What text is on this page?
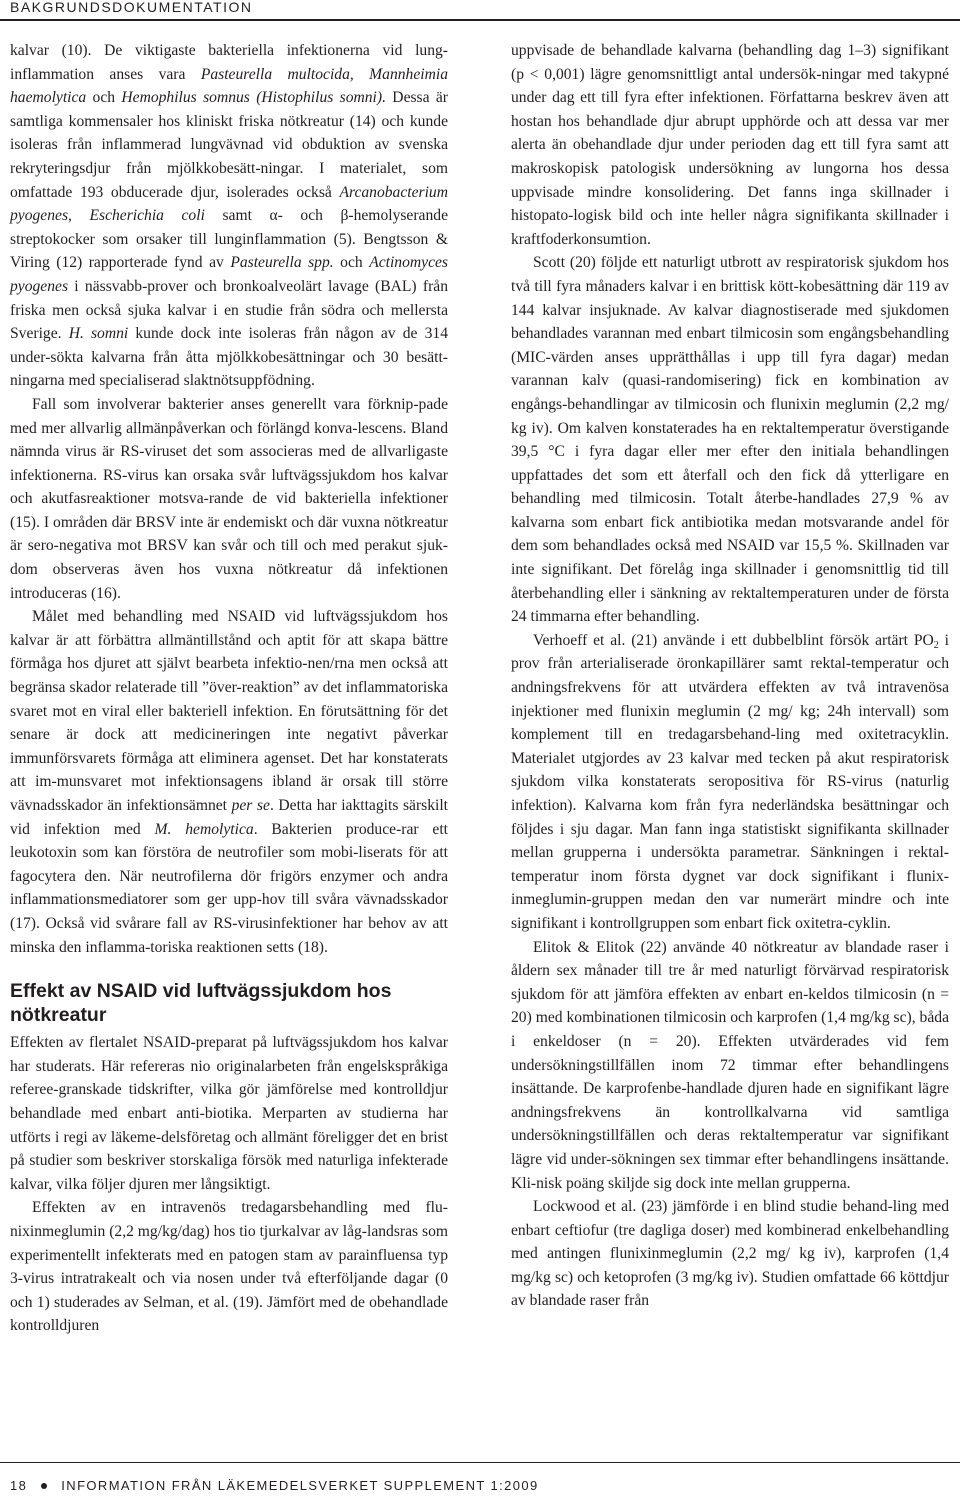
BAKGRUNDSDOKUMENTATION

kalvar (10). De viktigaste bakteriella infektionerna vid lung-inflammation anses vara Pasteurella multocida, Mannheimia haemolytica och Hemophilus somnus (Histophilus somni). Dessa är samtliga kommensaler hos kliniskt friska nötkreatur (14) och kunde isoleras från inflammerad lungvävnad vid obduktion av svenska rekryteringsdjur från mjölkkobesätt-ningar. I materialet, som omfattade 193 obducerade djur, isolerades också Arcanobacterium pyogenes, Escherichia coli samt α- och β-hemolyserande streptokocker som orsaker till lunginflammation (5). Bengtsson & Viring (12) rapporterade fynd av Pasteurella spp. och Actinomyces pyogenes i nässvabb-prover och bronkoalveolärt lavage (BAL) från friska men också sjuka kalvar i en studie från södra och mellersta Sverige. H. somni kunde dock inte isoleras från någon av de 314 under-sökta kalvarna från åtta mjölkkobesättningar och 30 besätt-ningarna med specialiserad slaktnötsuppfödning.

Fall som involverar bakterier anses generellt vara förknip-pade med mer allvarlig allmänpåverkan och förlängd konva-lescens. Bland nämnda virus är RS-viruset det som associeras med de allvarligaste infektionerna. RS-virus kan orsaka svår luftvägssjukdom hos kalvar och akutfasreaktioner motsva-rande de vid bakteriella infektioner (15). I områden där BRSV inte är endemiskt och där vuxna nötkreatur är sero-negativa mot BRSV kan svår och till och med perakut sjuk-dom observeras även hos vuxna nötkreatur då infektionen introduceras (16).

Målet med behandling med NSAID vid luftvägssjukdom hos kalvar är att förbättra allmäntillstånd och aptit för att skapa bättre förmåga hos djuret att självt bearbeta infektio-nen/rna men också att begränsa skador relaterade till ”över-reaktion” av det inflammatoriska svaret mot en viral eller bakteriell infektion. En förutsättning för det senare är dock att medicineringen inte negativt påverkar immunförsvarets förmåga att eliminera agenset. Det har konstaterats att im-munsvaret mot infektionsagens ibland är orsak till större vävnadsskador än infektionsämnet per se. Detta har iakttagits särskilt vid infektion med M. hemolytica. Bakterien produce-rar ett leukotoxin som kan förstöra de neutrofiler som mobi-liserats för att fagocytera den. När neutrofilerna dör frigörs enzymer och andra inflammationsmediatorer som ger upp-hov till svåra vävnadsskador (17). Också vid svårare fall av RS-virusinfektioner har behov av att minska den inflamma-toriska reaktionen setts (18).

Effekt av NSAID vid luftvägssjukdom hos nötkreatur

Effekten av flertalet NSAID-preparat på luftvägssjukdom hos kalvar har studerats. Här refereras nio originalarbeten från engelskspråkiga referee-granskade tidskrifter, vilka gör jämförelse med kontrolldjur behandlade med enbart anti-biotika. Merparten av studierna har utförts i regi av läkeme-delsföretag och allmänt föreligger det en brist på studier som beskriver storskaliga försök med naturliga infekterade kalvar, vilka följer djuren mer långsiktigt.

Effekten av en intravenös tredagarsbehandling med flu-nixinmeglumin (2,2 mg/kg/dag) hos tio tjurkalvar av låg-landsras som experimentellt infekterats med en patogen stam av parainfluensa typ 3-virus intratrakealt och via nosen under två efterföljande dagar (0 och 1) studerades av Selman, et al. (19). Jämfört med de obehandlade kontrolldjuren

uppvisade de behandlade kalvarna (behandling dag 1–3) signifikant (p < 0,001) lägre genomsnittligt antal undersök-ningar med takypné under dag ett till fyra efter infektionen. Författarna beskrev även att hostan hos behandlade djur abrupt upphörde och att dessa var mer alerta än obehandlade djur under perioden dag ett till fyra samt att makroskopisk patologisk undersökning av lungorna hos dessa uppvisade mindre konsolidering. Det fanns inga skillnader i histopato-logisk bild och inte heller några signifikanta skillnader i kraftfoderkonsumtion.

Scott (20) följde ett naturligt utbrott av respiratorisk sjukdom hos två till fyra månaders kalvar i en brittisk kött-kobesättning där 119 av 144 kalvar insjuknade. Av kalvar diagnostiserade med sjukdomen behandlades varannan med enbart tilmicosin som engångsbehandling (MIC-värden anses upprätthållas i upp till fyra dagar) medan varannan kalv (quasi-randomisering) fick en kombination av engångs-behandlingar av tilmicosin och flunixin meglumin (2,2 mg/ kg iv). Om kalven konstaterades ha en rektaltemperatur överstigande 39,5 °C i fyra dagar eller mer efter den initiala behandlingen uppfattades det som ett återfall och den fick då ytterligare en behandling med tilmicosin. Totalt återbe-handlades 27,9 % av kalvarna som enbart fick antibiotika medan motsvarande andel för dem som behandlades också med NSAID var 15,5 %. Skillnaden var inte signifikant. Det förelåg inga skillnader i genomsnittlig tid till återbehandling eller i sänkning av rektaltemperaturen under de första 24 timmarna efter behandling.

Verhoeff et al. (21) använde i ett dubbelblint försök artärt $PO_2$ i prov från arterialiserade öronkapillärer samt rektal-temperatur och andningsfrekvens för att utvärdera effekten av två intravenösa injektioner med flunixin meglumin (2 mg/ kg; 24h intervall) som komplement till en tredagarsbehand-ling med oxitetracyklin. Materialet utgjordes av 23 kalvar med tecken på akut respiratorisk sjukdom vilka konstaterats seropositiva för RS-virus (naturlig infektion). Kalvarna kom från fyra nederländska besättningar och följdes i sju dagar. Man fann inga statistiskt signifikanta skillnader mellan grupperna i undersökta parametrar. Sänkningen i rektal-temperatur inom första dygnet var dock signifikant i flunix-inmeglumin-gruppen medan den var numerärt mindre och inte signifikant i kontrollgruppen som enbart fick oxitetra-cyklin.

Elitok & Elitok (22) använde 40 nötkreatur av blandade raser i åldern sex månader till tre år med naturligt förvärvad respiratorisk sjukdom för att jämföra effekten av enbart en-keldos tilmicosin (n = 20) med kombinationen tilmicosin och karprofen (1,4 mg/kg sc), båda i enkeldoser (n = 20). Effekten utvärderades vid fem undersökningstillfällen inom 72 timmar efter behandlingens insättande. De karprofenbe-handlade djuren hade en signifikant lägre andningsfrekvens än kontrollkalvarna vid samtliga undersökningstillfällen och deras rektaltemperatur var signifikant lägre vid under-sökningen sex timmar efter behandlingens insättande. Kli-nisk poäng skiljde sig dock inte mellan grupperna.

Lockwood et al. (23) jämförde i en blind studie behand-ling med enbart ceftiofur (tre dagliga doser) med kombinerad enkelbehandling med antingen flunixinmeglumin (2,2 mg/ kg iv), karprofen (1,4 mg/kg sc) och ketoprofen (3 mg/kg iv). Studien omfattade 66 köttdjur av blandade raser från

18	INFORMATION FRÅN LÄKEMEDELSVERKET SUPPLEMENT 1:2009
